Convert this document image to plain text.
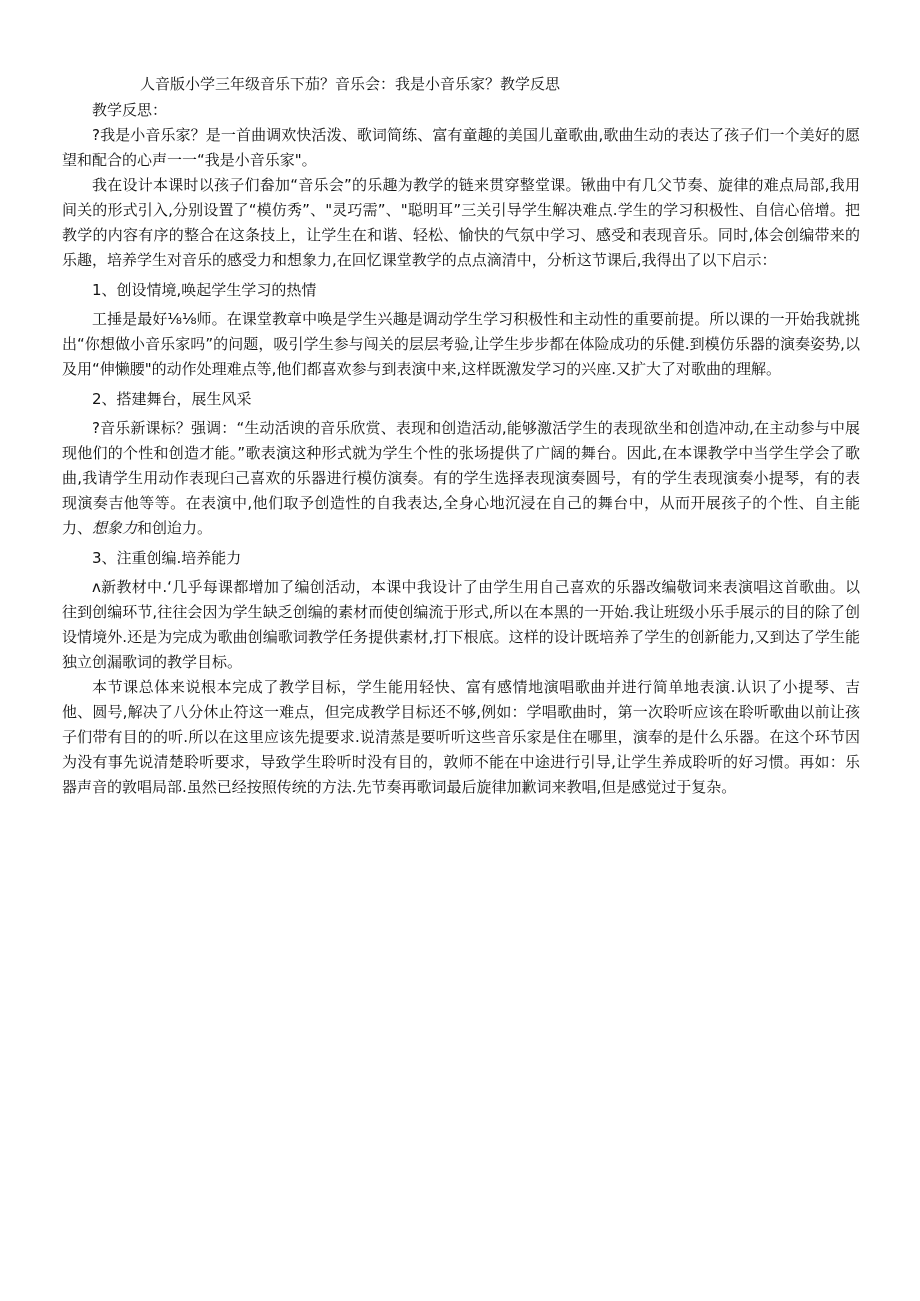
人音版小学三年级音乐下茄？音乐会：我是小音乐家？教学反思

教学反思：

?我是小音乐家？是一首曲调欢快活泼、歌词简练、富有童趣的美国儿童歌曲,歌曲生动的表达了孩子们一个美好的愿望和配合的心声一一“我是小音乐家"。

我在设计本课时以孩子们畚加“音乐会”的乐趣为教学的链来贯穿整堂课。锹曲中有几父节奏、旋律的难点局部,我用间关的形式引入,分别设置了“模仿秀”、"灵巧需”、"聪明耳”三关引导学生解决难点.学生的学习积极性、自信心倍增。把教学的内容有序的整合在这条技上，让学生在和谐、轻松、愉快的气氛中学习、感受和表现音乐。同时,体会创编带来的乐趣，培养学生对音乐的感受力和想象力,在回忆课堂教学的点点滴清中，分析这节课后,我得出了以下启示：

1、创设情境,唤起学生学习的热情

工捶是最好⅛⅛师。在课堂教章中唤是学生兴趣是调动学生学习积极性和主动性的重要前提。所以课的一开始我就挑出“你想做小音乐家吗”的问题，吸引学生参与闯关的层层考验,让学生步步都在体险成功的乐健.到模仿乐器的演奏姿势,以及用“伸懒腰"的动作处理难点等,他们都喜欢参与到表演中来,这样既激发学习的兴座.又扩大了对歌曲的理解。

2、搭建舞台，展生风采

?音乐新课标？强调：“生动活谀的音乐欣赏、表现和创造活动,能够激活学生的表现欲坐和创造冲动,在主动参与中展现他们的个性和创造才能。”歌表演这种形式就为学生个性的张场提供了广阔的舞台。因此,在本课教学中当学生学会了歌曲,我请学生用动作表现臼己喜欢的乐器进行模仿演奏。有的学生选择表现演奏圆号，有的学生表现演奏小提琴，有的表现演奏吉他等等。在表演中,他们取予创造性的自我表达,全身心地沉浸在自己的舞台中，从而开展孩子的个性、自主能力、想象力和创迨力。

3、注重创编.培养能力

ʌ新教材中.‘几乎每课都增加了编创活动，本课中我设计了由学生用自己喜欢的乐器改编敬词来表演唱这首歌曲。以往到创编环节,往往会因为学生缺乏创编的素材而使创编流于形式,所以在本黑的一开始.我让班级小乐手展示的目的除了创设情境外.还是为完成为歌曲创编歌词教学任务提供素材,打下根底。这样的设计既培养了学生的创新能力,又到达了学生能独立创漏歌词的教学目标。

本节课总体来说根本完成了教学目标，学生能用轻快、富有感情地演唱歌曲并进行简单地表演.认识了小提琴、吉他、圆号,解决了八分休止符这一难点，但完成教学目标还不够,例如：学唱歌曲时，第一次聆听应该在聆听歌曲以前让孩子们带有目的的听.所以在这里应该先提要求.说清蒸是要听听这些音乐家是住在哪里，演奉的是什么乐器。在这个环节因为没有事先说清楚聆听要求，导致学生聆听时没有目的，敦师不能在中途进行引导,让学生养成聆听的好习惯。再如：乐器声音的敦唱局部.虽然已经按照传统的方法.先节奏再歌词最后旋律加歉词来教唱,但是感觉过于复杂。
